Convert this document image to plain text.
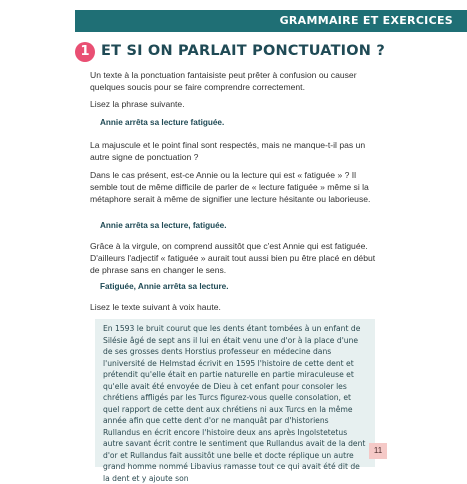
GRAMMAIRE ET EXERCICES
1 ET SI ON PARLAIT PONCTUATION ?
Un texte à la ponctuation fantaisiste peut prêter à confusion ou causer quelques soucis pour se faire comprendre correctement.
Lisez la phrase suivante.
Annie arrêta sa lecture fatiguée.
La majuscule et le point final sont respectés, mais ne manque-t-il pas un autre signe de ponctuation ?
Dans le cas présent, est-ce Annie ou la lecture qui est « fatiguée » ? Il semble tout de même difficile de parler de « lecture fatiguée » même si la métaphore serait à même de signifier une lecture hésitante ou laborieuse.
Annie arrêta sa lecture, fatiguée.
Grâce à la virgule, on comprend aussitôt que c'est Annie qui est fatiguée. D'ailleurs l'adjectif « fatiguée » aurait tout aussi bien pu être placé en début de phrase sans en changer le sens.
Fatiguée, Annie arrêta sa lecture.
Lisez le texte suivant à voix haute.
En 1593 le bruit courut que les dents étant tombées à un enfant de Silésie âgé de sept ans il lui en était venu une d'or à la place d'une de ses grosses dents Horstius professeur en médecine dans l'université de Helmstad écrivit en 1595 l'histoire de cette dent et prétendit qu'elle était en partie naturelle en partie miraculeuse et qu'elle avait été envoyée de Dieu à cet enfant pour consoler les chrétiens affligés par les Turcs figurez-vous quelle consolation, et quel rapport de cette dent aux chrétiens ni aux Turcs en la même année afin que cette dent d'or ne manquât par d'historiens Rullandus en écrit encore l'histoire deux ans après Ingolstetetus autre savant écrit contre le sentiment que Rullandus avait de la dent d'or et Rullandus fait aussitôt une belle et docte réplique un autre grand homme nommé Libavius ramasse tout ce qui avait été dit de la dent et y ajoute son
11
